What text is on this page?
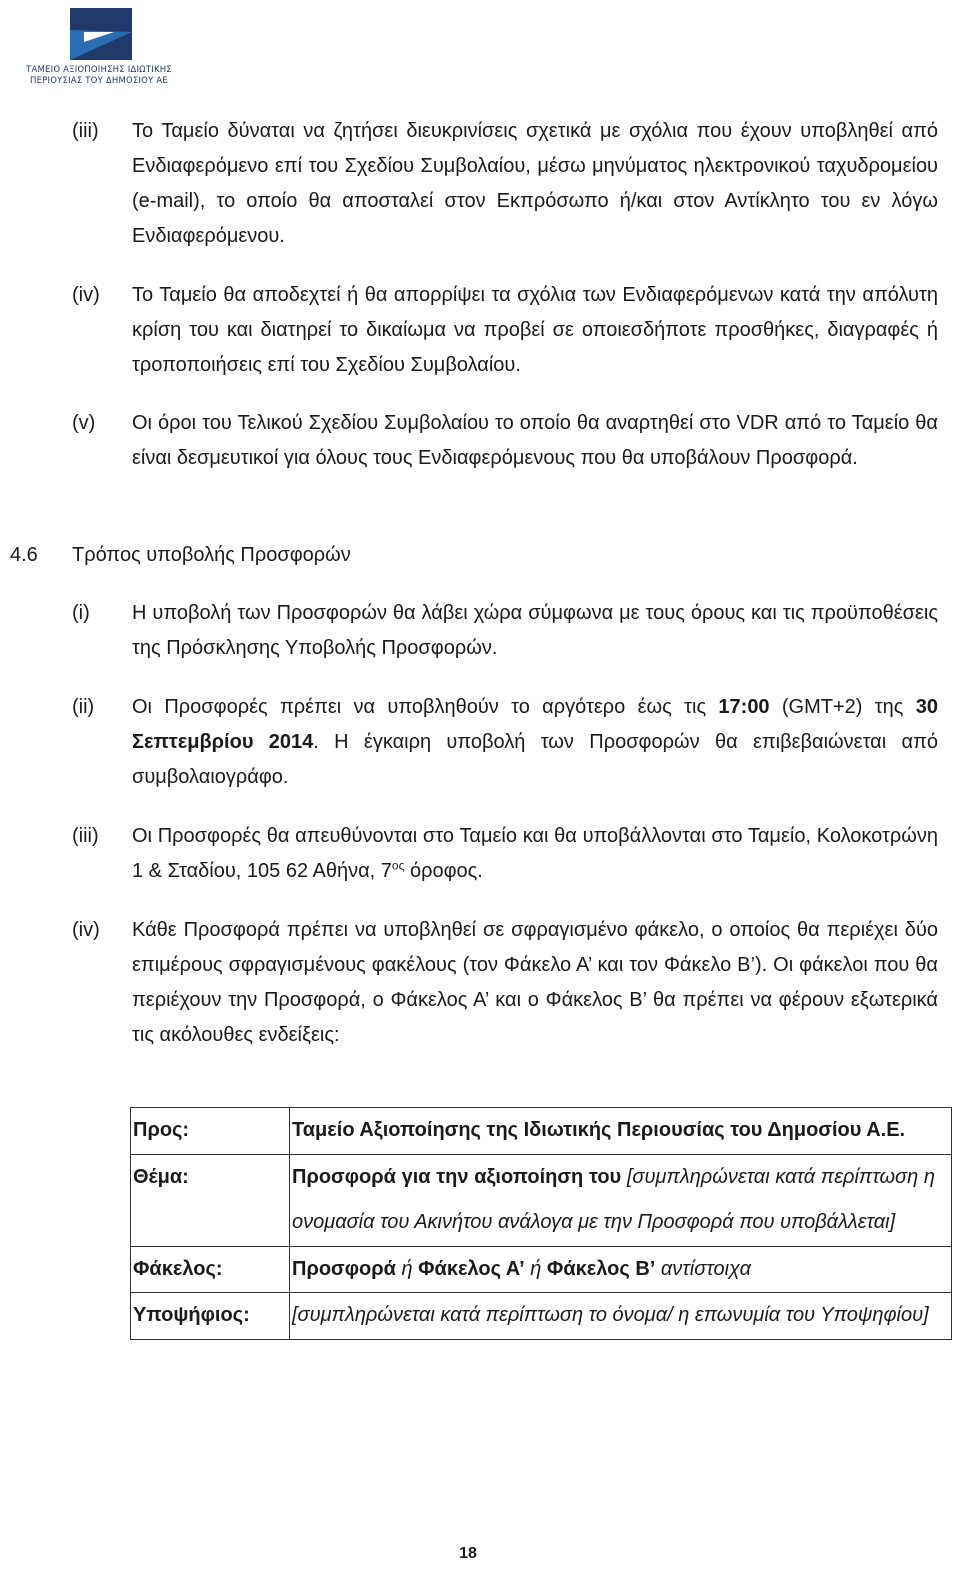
ΤΑΜΕΙΟ ΑΞΙΟΠΟΙΗΣΗΣ ΙΔΙΩΤΙΚΗΣ
ΠΕΡΙΟΥΣΙΑΣ ΤΟΥ ΔΗΜΟΣΙΟΥ ΑΕ
(iii)	Το Ταμείο δύναται να ζητήσει διευκρινίσεις σχετικά με σχόλια που έχουν υποβληθεί από Ενδιαφερόμενο επί του Σχεδίου Συμβολαίου, μέσω μηνύματος ηλεκτρονικού ταχυδρομείου (e-mail), το οποίο θα αποσταλεί στον Εκπρόσωπο ή/και στον Αντίκλητο του εν λόγω Ενδιαφερόμενου.
(iv)	Το Ταμείο θα αποδεχτεί ή θα απορρίψει τα σχόλια των Ενδιαφερόμενων κατά την απόλυτη κρίση του και διατηρεί το δικαίωμα να προβεί σε οποιεσδήποτε προσθήκες, διαγραφές ή τροποποιήσεις επί του Σχεδίου Συμβολαίου.
(v)	Οι όροι του Τελικού Σχεδίου Συμβολαίου το οποίο θα αναρτηθεί στο VDR από το Ταμείο θα είναι δεσμευτικοί για όλους τους Ενδιαφερόμενους που θα υποβάλουν Προσφορά.
4.6 Τρόπος υποβολής Προσφορών
(i)	Η υποβολή των Προσφορών θα λάβει χώρα σύμφωνα με τους όρους και τις προϋποθέσεις της Πρόσκλησης Υποβολής Προσφορών.
(ii)	Οι Προσφορές πρέπει να υποβληθούν το αργότερο έως τις 17:00 (GMT+2) της 30 Σεπτεμβρίου 2014. Η έγκαιρη υποβολή των Προσφορών θα επιβεβαιώνεται από συμβολαιογράφο.
(iii)	Οι Προσφορές θα απευθύνονται στο Ταμείο και θα υποβάλλονται στο Ταμείο, Κολοκοτρώνη 1 & Σταδίου, 105 62 Αθήνα, $7^{o\varsigma}$ όροφος.
(iv)	Κάθε Προσφορά πρέπει να υποβληθεί σε σφραγισμένο φάκελο, ο οποίος θα περιέχει δύο επιμέρους σφραγισμένους φακέλους (τον Φάκελο Α’ και τον Φάκελο Β’). Οι φάκελοι που θα περιέχουν την Προσφορά, ο Φάκελος Α’ και ο Φάκελος Β’ θα πρέπει να φέρουν εξωτερικά τις ακόλουθες ενδείξεις:
Προς:	Ταμείο Αξιοποίησης της Ιδιωτικής Περιουσίας του Δημοσίου Α.Ε.
Θέμα:	Προσφορά για την αξιοποίηση του [συμπληρώνεται κατά περίπτωση η ονομασία του Ακινήτου ανάλογα με την Προσφορά που υποβάλλεται]
Φάκελος:	Προσφορά ή Φάκελος Α’ ή Φάκελος Β’ αντίστοιχα
Υποψήφιος:	[συμπληρώνεται κατά περίπτωση το όνομα/ η επωνυμία του Υποψηφίου]
18
